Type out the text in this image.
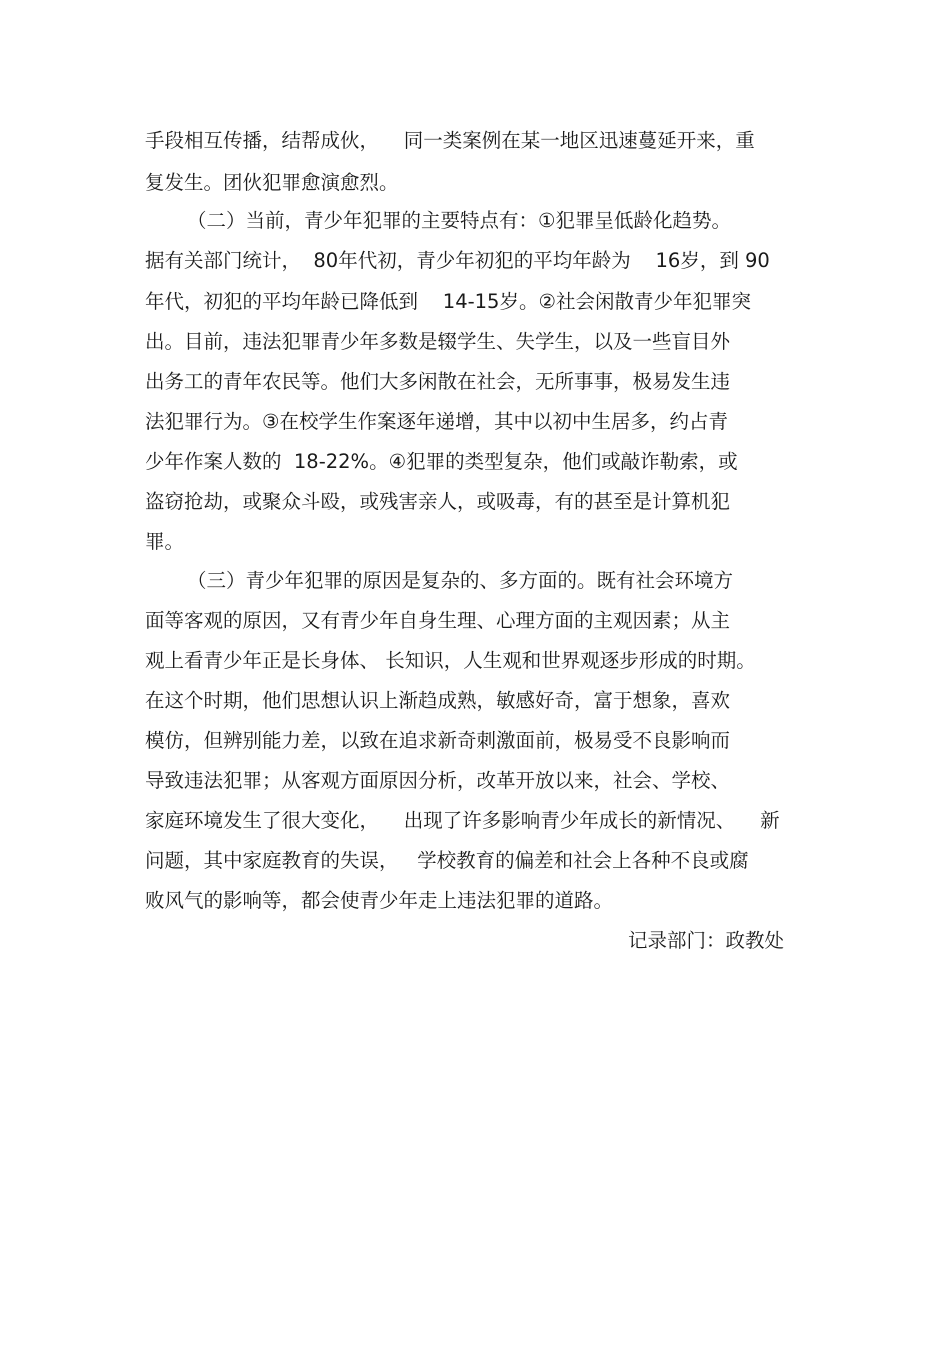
手段相互传播，结帮成伙，    同一类案例在某一地区迅速蔓延开来，重
复发生。团伙犯罪愈演愈烈。
（二）当前，青少年犯罪的主要特点有：①犯罪呈低龄化趋势。
据有关部门统计，  80年代初，青少年初犯的平均年龄为    16岁，到 90
年代，初犯的平均年龄已降低到    14-15岁。②社会闲散青少年犯罪突
出。目前，违法犯罪青少年多数是辍学生、失学生，以及一些盲目外
出务工的青年农民等。他们大多闲散在社会，无所事事，极易发生违
法犯罪行为。③在校学生作案逐年递增，其中以初中生居多，约占青
少年作案人数的  18-22%。④犯罪的类型复杂，他们或敲诈勒索，或
盗窃抢劫，或聚众斗殴，或残害亲人，或吸毒，有的甚至是计算机犯
罪。
（三）青少年犯罪的原因是复杂的、多方面的。既有社会环境方
面等客观的原因，又有青少年自身生理、心理方面的主观因素；从主
观上看青少年正是长身体、 长知识，人生观和世界观逐步形成的时期。
在这个时期，他们思想认识上渐趋成熟，敏感好奇，富于想象，喜欢
模仿，但辨别能力差，以致在追求新奇刺激面前，极易受不良影响而
导致违法犯罪；从客观方面原因分析，改革开放以来，社会、学校、
家庭环境发生了很大变化，    出现了许多影响青少年成长的新情况、    新
问题，其中家庭教育的失误，   学校教育的偏差和社会上各种不良或腐
败风气的影响等，都会使青少年走上违法犯罪的道路。
记录部门：政教处
